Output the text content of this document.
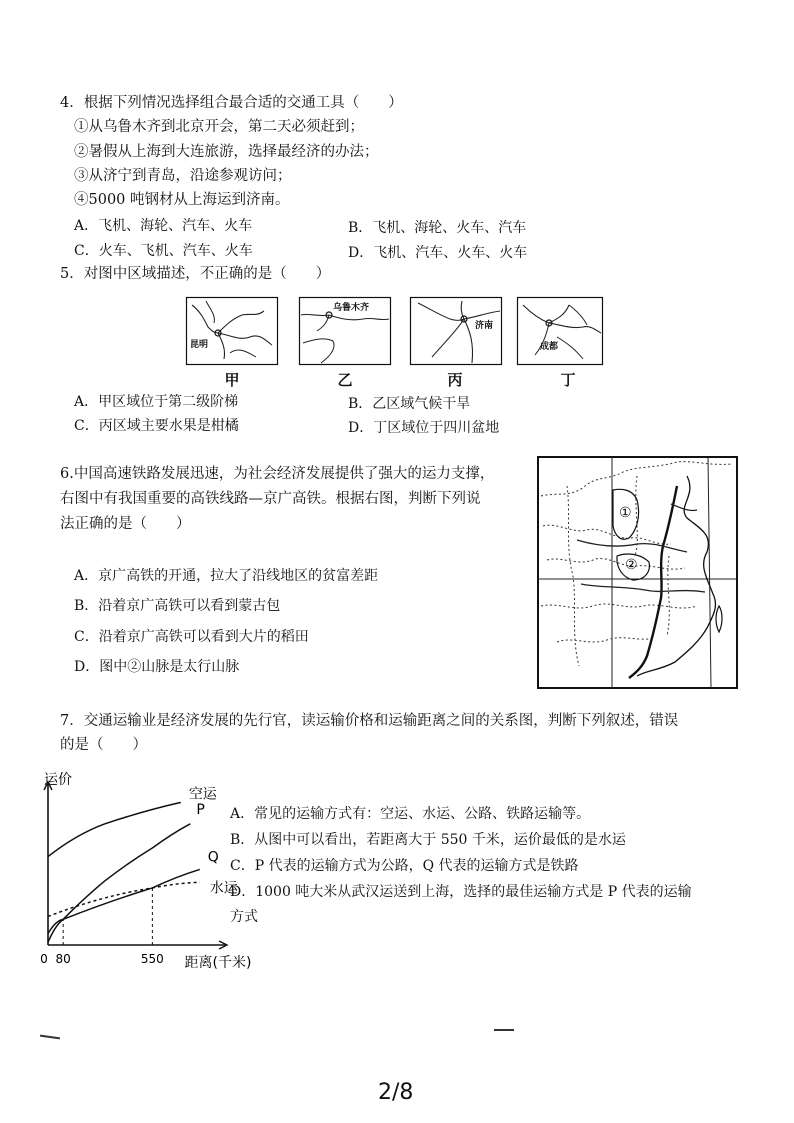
4．根据下列情况选择组合最合适的交通工具（　　）
①从乌鲁木齐到北京开会，第二天必须赶到；
②暑假从上海到大连旅游，选择最经济的办法；
③从济宁到青岛，沿途参观访问；
④5000 吨钢材从上海运到济南。
A．飞机、海轮、汽车、火车	B．飞机、海轮、火车、汽车
C．火车、飞机、汽车、火车	D．飞机、汽车、火车、火车
5．对图中区域描述，不正确的是（　　）
昆明
甲
乌鲁木齐
乙
济南
丙
成都
丁
A．甲区域位于第二级阶梯	B．乙区域气候干旱
C．丙区域主要水果是柑橘	D．丁区域位于四川盆地
6.中国高速铁路发展迅速，为社会经济发展提供了强大的运力支撑，
右图中有我国重要的高铁线路—京广高铁。根据右图，判断下列说
法正确的是（　　）
①
②
A．京广高铁的开通，拉大了沿线地区的贫富差距
B．沿着京广高铁可以看到蒙古包
C．沿着京广高铁可以看到大片的稻田
D．图中②山脉是太行山脉
7．交通运输业是经济发展的先行官，读运输价格和运输距离之间的关系图，判断下列叙述，错误
的是（　　）
运价
距离(千米)
0 80	550
空运
P
Q
水运
A．常见的运输方式有：空运、水运、公路、铁路运输等。
B．从图中可以看出，若距离大于 550 千米，运价最低的是水运
C．P 代表的运输方式为公路，Q 代表的运输方式是铁路
D．1000 吨大米从武汉运送到上海，选择的最佳运输方式是 P 代表的运输
方式
2/8
